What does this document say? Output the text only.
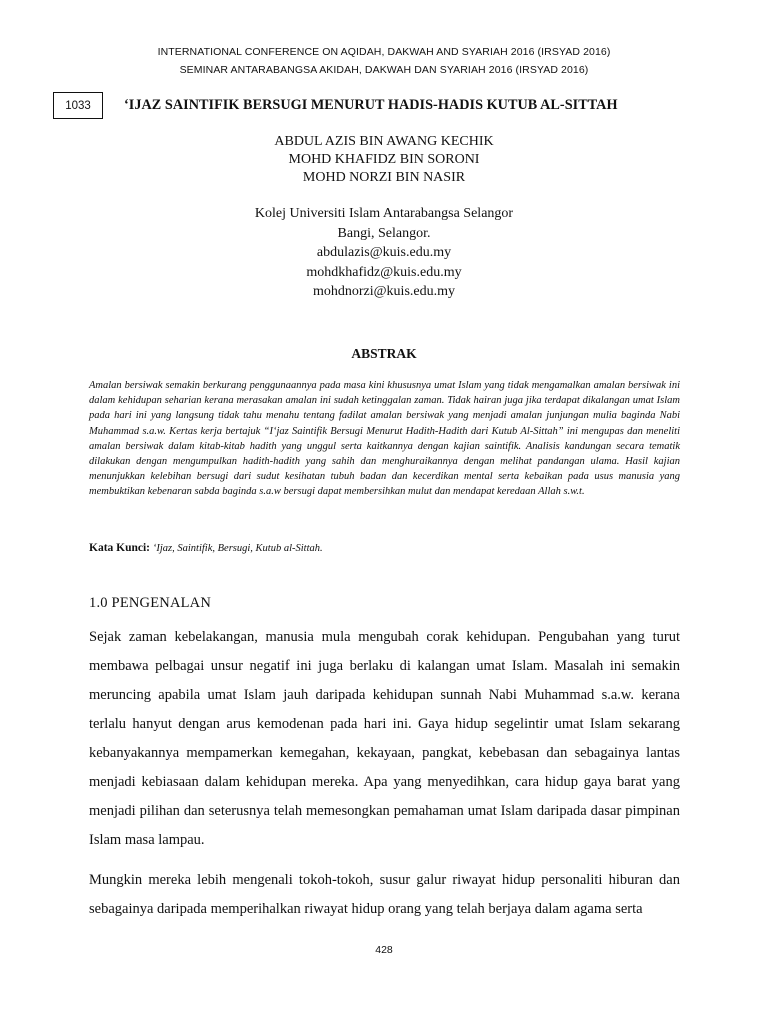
INTERNATIONAL CONFERENCE ON AQIDAH, DAKWAH AND SYARIAH 2016 (IRSYAD 2016)
SEMINAR ANTARABANGSA AKIDAH, DAKWAH DAN SYARIAH 2016 (IRSYAD 2016)
1033	‘IJAZ SAINTIFIK BERSUGI MENURUT HADIS-HADIS KUTUB AL-SITTAH
ABDUL AZIS BIN AWANG KECHIK
MOHD KHAFIDZ BIN SORONI
MOHD NORZI BIN NASIR
Kolej Universiti Islam Antarabangsa Selangor
Bangi, Selangor.
abdulazis@kuis.edu.my
mohdkhafidz@kuis.edu.my
mohdnorzi@kuis.edu.my
ABSTRAK

Amalan bersiwak semakin berkurang penggunaannya pada masa kini khususnya umat Islam yang tidak mengamalkan amalan bersiwak ini dalam kehidupan seharian kerana merasakan amalan ini sudah ketinggalan zaman. Tidak hairan juga jika terdapat dikalangan umat Islam pada hari ini yang langsung tidak tahu menahu tentang fadilat amalan bersiwak yang menjadi amalan junjungan mulia baginda Nabi Muhammad s.a.w. Kertas kerja bertajuk “I‘jaz Saintifik Bersugi Menurut Hadith-Hadith dari Kutub Al-Sittah” ini mengupas dan meneliti amalan bersiwak dalam kitab-kitab hadith yang unggul serta kaitkannya dengan kajian saintifik. Analisis kandungan secara tematik dilakukan dengan mengumpulkan hadith-hadith yang sahih dan menghuraikannya dengan melihat pandangan ulama. Hasil kajian menunjukkan kelebihan bersugi dari sudut kesihatan tubuh badan dan kecerdikan mental serta kebaikan pada usus manusia yang membuktikan kebenaran sabda baginda s.a.w bersugi dapat membersihkan mulut dan mendapat keredaan Allah s.w.t.

Kata Kunci: ‘Ijaz, Saintifik, Bersugi, Kutub al-Sittah.
1.0 PENGENALAN

Sejak zaman kebelakangan, manusia mula mengubah corak kehidupan. Pengubahan yang turut membawa pelbagai unsur negatif ini juga berlaku di kalangan umat Islam. Masalah ini semakin meruncing apabila umat Islam jauh daripada kehidupan sunnah Nabi Muhammad s.a.w. kerana terlalu hanyut dengan arus kemodenan pada hari ini. Gaya hidup segelintir umat Islam sekarang kebanyakannya mempamerkan kemegahan, kekayaan, pangkat, kebebasan dan sebagainya lantas menjadi kebiasaan dalam kehidupan mereka. Apa yang menyedihkan, cara hidup gaya barat yang menjadi pilihan dan seterusnya telah memesongkan pemahaman umat Islam daripada dasar pimpinan Islam masa lampau.

Mungkin mereka lebih mengenali tokoh-tokoh, susur galur riwayat hidup personaliti hiburan dan sebagainya daripada memperihalkan riwayat hidup orang yang telah berjaya dalam agama serta

428
